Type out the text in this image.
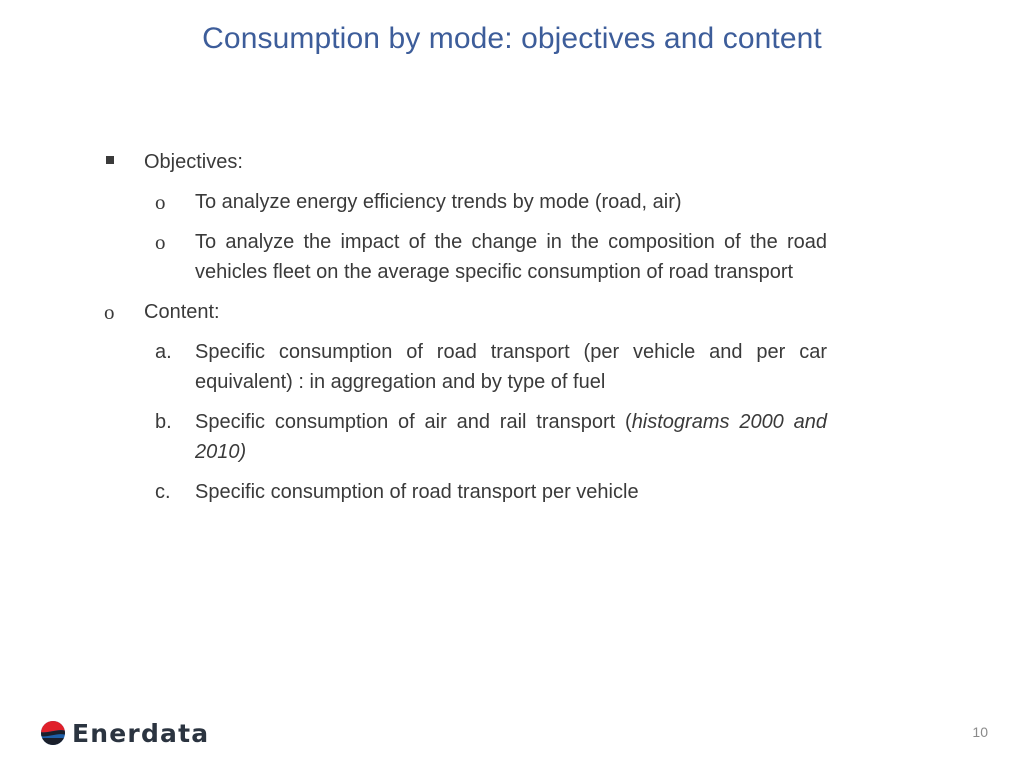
Consumption by mode: objectives and content
Objectives:
o	To analyze energy efficiency trends by mode (road, air)
o	To analyze the impact of the change in the composition of the road vehicles fleet on the average specific consumption of road transport
o	Content:
a.	Specific consumption of road transport (per vehicle and per car equivalent) : in aggregation and by type of fuel
b.	Specific consumption of air and rail transport (histograms 2000 and 2010)
c.	Specific consumption of road transport per vehicle
Enerdata	10
